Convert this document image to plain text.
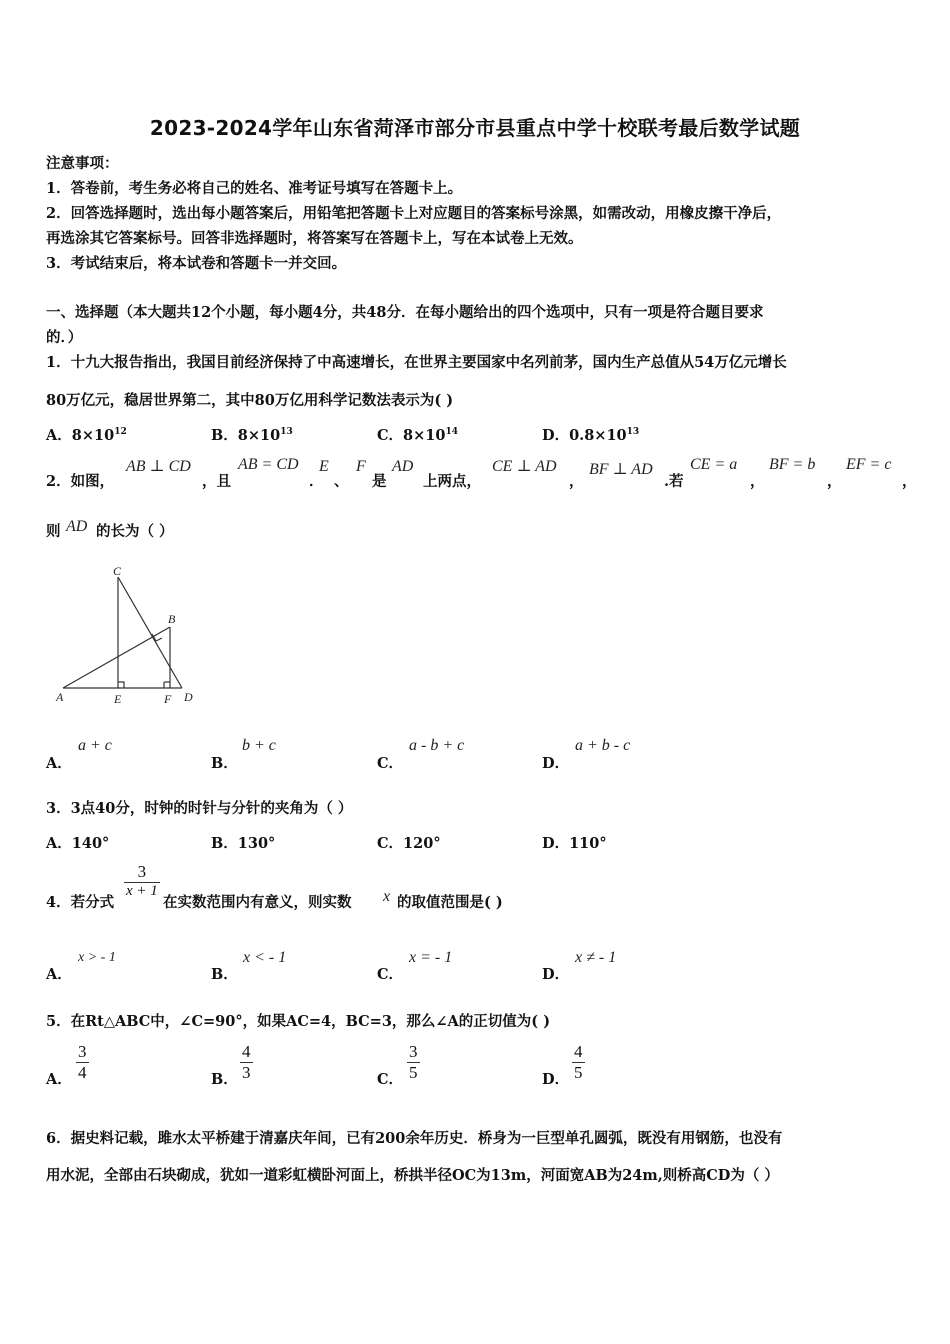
2023-2024学年山东省菏泽市部分市县重点中学十校联考最后数学试题
注意事项：
1．答卷前，考生务必将自己的姓名、准考证号填写在答题卡上。
2．回答选择题时，选出每小题答案后，用铅笔把答题卡上对应题目的答案标号涂黑，如需改动，用橡皮擦干净后，
再选涂其它答案标号。回答非选择题时，将答案写在答题卡上，写在本试卷上无效。
3．考试结束后，将本试卷和答题卡一并交回。
一、选择题（本大题共12个小题，每小题4分，共48分．在每小题给出的四个选项中，只有一项是符合题目要求
的．）
1．十九大报告指出，我国目前经济保持了中高速增长，在世界主要国家中名列前茅，国内生产总值从54万亿元增长
80万亿元，稳居世界第二，其中80万亿用科学记数法表示为( )
A．$8\times 10^{12}$	B．$8\times 10^{13}$	C．$8\times 10^{14}$	D．$0.8\times 10^{13}$
2．如图，
AB ⊥ CD
，且
AB = CD
．
E
、
F
是
AD
上两点，
CE ⊥ AD
，
BF ⊥ AD
.若
CE = a
，
BF = b
，
EF = c
，
则 AD 的长为（ ）
C
B
A	E	F D
A．
a + c
B．
b + c
C．
a - b + c
D．
a + b - c
3．3点40分，时钟的时针与分针的夹角为（ ）
A．140°	B．130°	C．120°	D．110°
4．若分式
$\frac{3}{x + 1}$
在实数范围内有意义，则实数 x 的取值范围是( )
A．
x > - 1
B．
x < - 1
C．
x = - 1
D．
x ≠ - 1
5．在Rt△ABC中，∠C=90°，如果AC=4，BC=3，那么∠A的正切值为( )
A． $\frac{3}{4}$	B． $\frac{4}{3}$	C． $\frac{3}{5}$	D． $\frac{4}{5}$
6．据史料记载，雎水太平桥建于清嘉庆年间，已有200余年历史．桥身为一巨型单孔圆弧，既没有用钢筋，也没有
用水泥，全部由石块砌成，犹如一道彩虹横卧河面上，桥拱半径OC为13m，河面宽AB为24m,则桥高CD为（ ）
